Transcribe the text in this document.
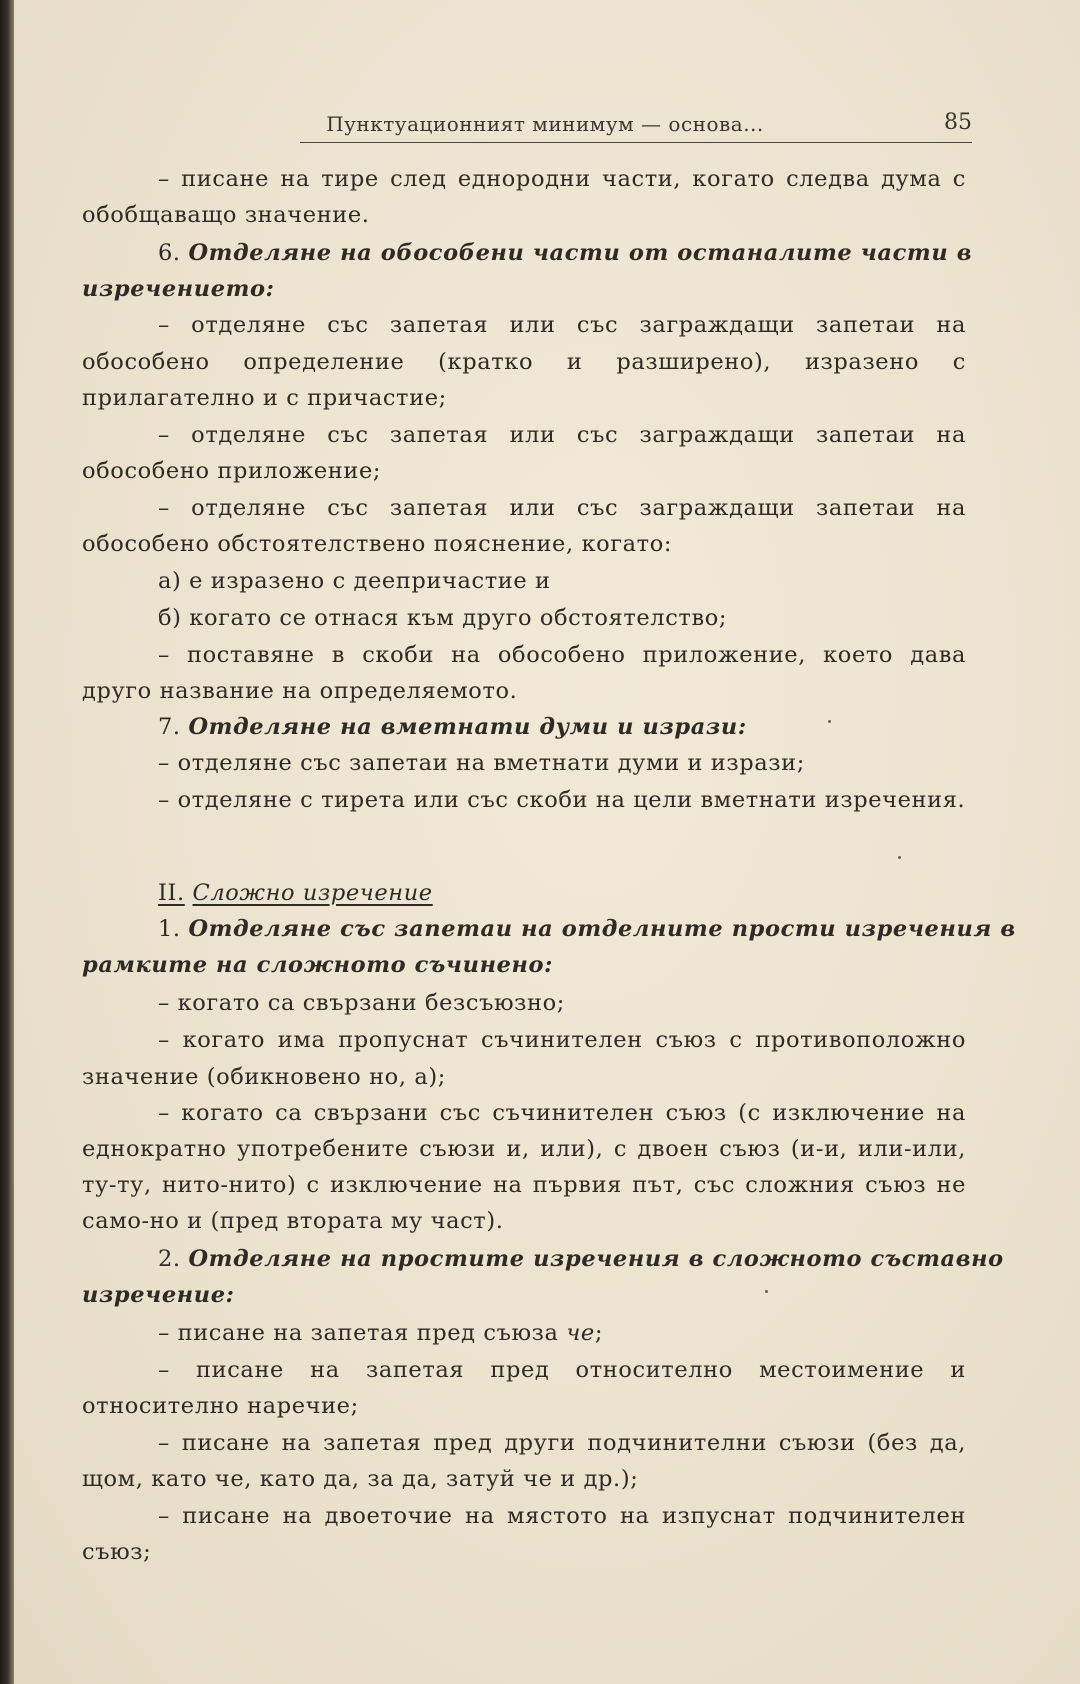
Пунктуационният минимум — основа...	85
– писане на тире след еднородни части, когато следва дума с
обобщаващо значение.
6. Отделяне на обособени части от останалите части в
изречението:
– отделяне със запетая или със заграждащи запетаи на
обособено определение (кратко и разширено), изразено с
прилагателно и с причастие;
– отделяне със запетая или със заграждащи запетаи на
обособено приложение;
– отделяне със запетая или със заграждащи запетаи на
обособено обстоятелствено пояснение, когато:
а) е изразено с деепричастие и
б) когато се отнася към друго обстоятелство;
– поставяне в скоби на обособено приложение, което дава
друго название на определяемото.
7. Отделяне на вметнати думи и изрази:
– отделяне със запетаи на вметнати думи и изрази;
– отделяне с тирета или със скоби на цели вметнати изречения.
II. Сложно изречение
1. Отделяне със запетаи на отделните прости изречения в
рамките на сложното съчинено:
– когато са свързани безсъюзно;
– когато има пропуснат съчинителен съюз с противоположно
значение (обикновено но, а);
– когато са свързани със съчинителен съюз (с изключение на
еднократно употребените съюзи и, или), с двоен съюз (и-и, или-или,
ту-ту, нито-нито) с изключение на първия път, със сложния съюз не
само-но и (пред втората му част).
2. Отделяне на простите изречения в сложното съставно
изречение:
– писане на запетая пред съюза че;
– писане на запетая пред относително местоимение и
относително наречие;
– писане на запетая пред други подчинителни съюзи (без да,
щом, като че, като да, за да, затуй че и др.);
– писане на двоеточие на мястото на изпуснат подчинителен
съюз;
